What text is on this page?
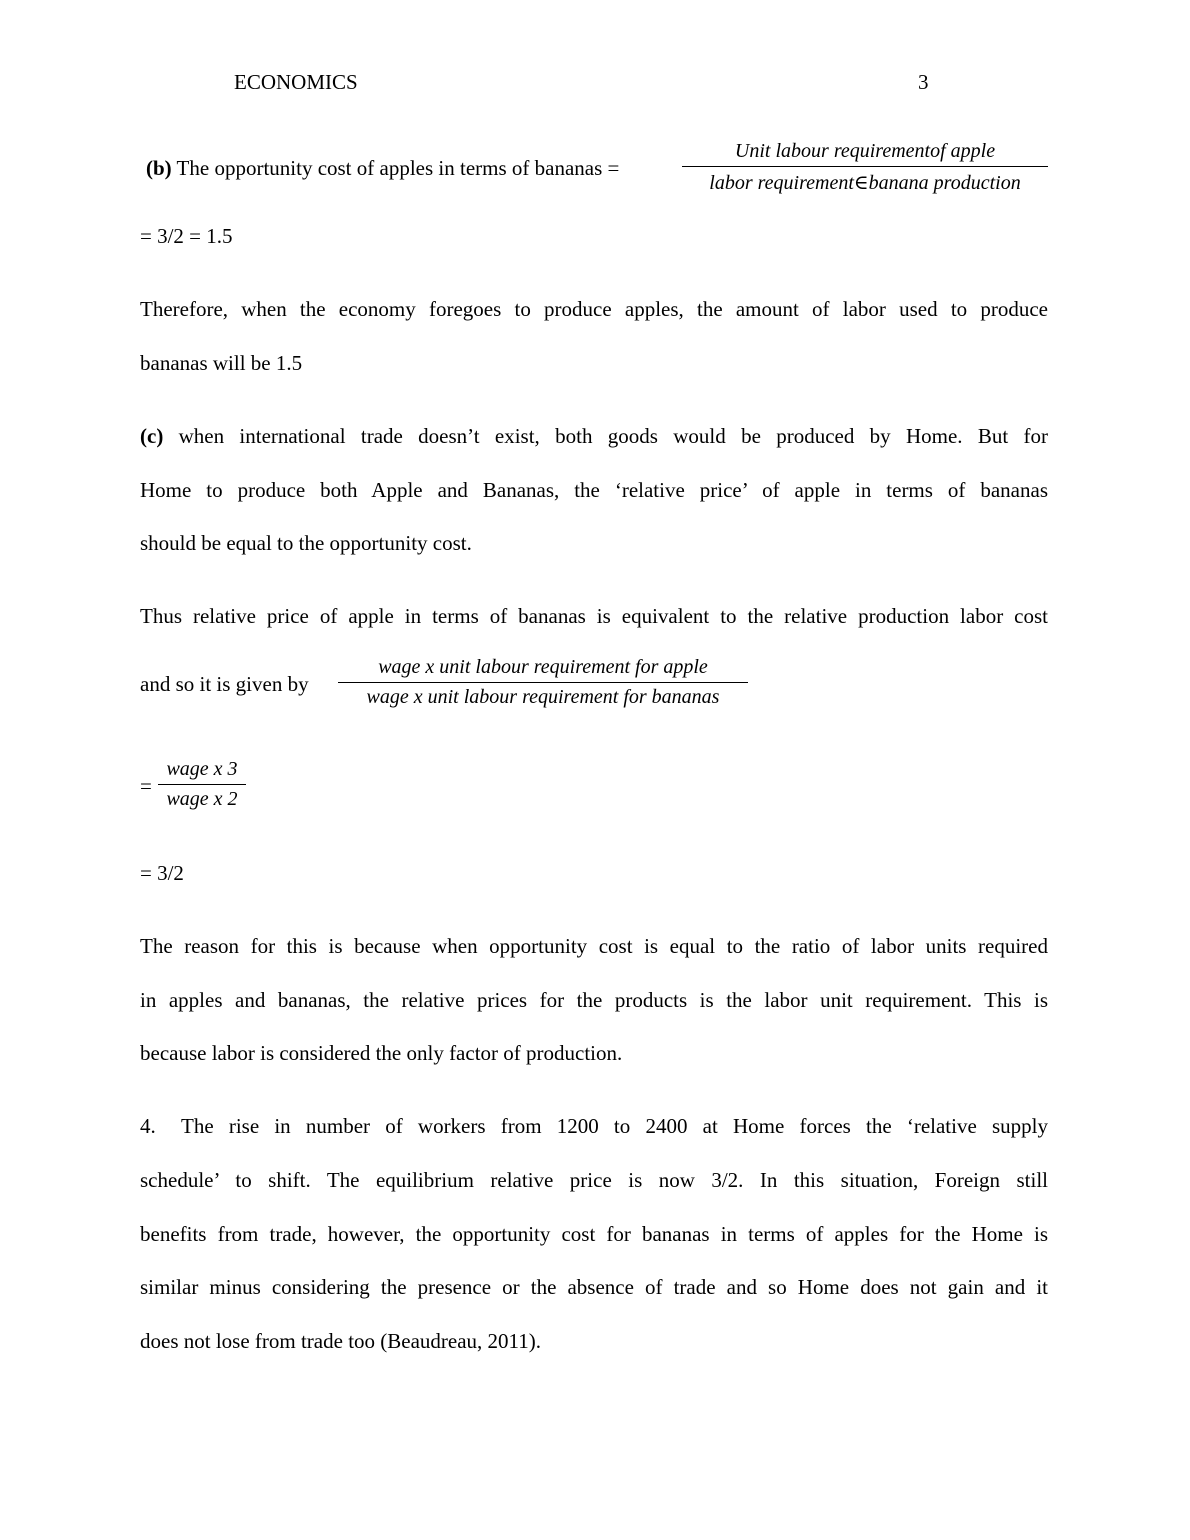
ECONOMICS	3
(b) The opportunity cost of apples in terms of bananas =
Unit labour requirementof apple
labor requirement∈banana production
= 3/2 = 1.5
Therefore, when the economy foregoes to produce apples, the amount of labor used to produce
bananas will be 1.5
(c) when international trade doesn’t exist, both goods would be produced by Home. But for
Home to produce both Apple and Bananas, the ‘relative price’ of apple in terms of bananas
should be equal to the opportunity cost.
Thus relative price of apple in terms of bananas is equivalent to the relative production labor cost
and so it is given by
wage x unit labour requirement for apple
wage x unit labour requirement for bananas
=
wage x 3
wage x 2
= 3/2
The reason for this is because when opportunity cost is equal to the ratio of labor units required
in apples and bananas, the relative prices for the products is the labor unit requirement. This is
because labor is considered the only factor of production.
4. The rise in number of workers from 1200 to 2400 at Home forces the ‘relative supply
schedule’ to shift. The equilibrium relative price is now 3/2. In this situation, Foreign still
benefits from trade, however, the opportunity cost for bananas in terms of apples for the Home is
similar minus considering the presence or the absence of trade and so Home does not gain and it
does not lose from trade too (Beaudreau, 2011).
